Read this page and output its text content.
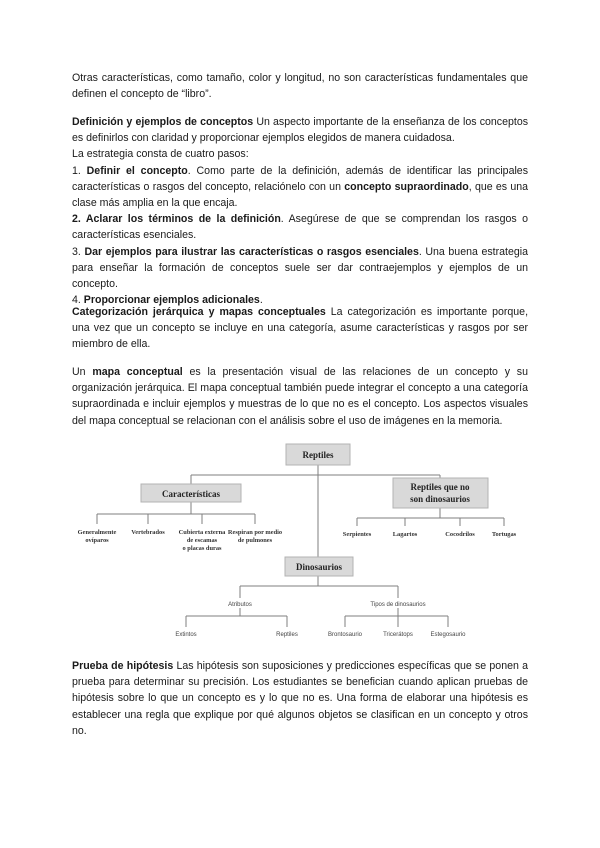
Otras características, como tamaño, color y longitud, no son características fundamentales que definen el concepto de “libro”.

Definición y ejemplos de conceptos Un aspecto importante de la enseñanza de los conceptos es definirlos con claridad y proporcionar ejemplos elegidos de manera cuidadosa.
La estrategia consta de cuatro pasos:
1. Definir el concepto. Como parte de la definición, además de identificar las principales características o rasgos del concepto, relaciónelo con un concepto supraordinado, que es una clase más amplia en la que encaja.
2. Aclarar los términos de la definición. Asegúrese de que se comprendan los rasgos o características esenciales.
3. Dar ejemplos para ilustrar las características o rasgos esenciales. Una buena estrategia para enseñar la formación de conceptos suele ser dar contraejemplos y ejemplos de un concepto.
4. Proporcionar ejemplos adicionales.

Categorización jerárquica y mapas conceptuales La categorización es importante porque, una vez que un concepto se incluye en una categoría, asume características y rasgos por ser miembro de ella.

Un mapa conceptual es la presentación visual de las relaciones de un concepto y su organización jerárquica. El mapa conceptual también puede integrar el concepto a una categoría supraordinada e incluir ejemplos y muestras de lo que no es el concepto. Los aspectos visuales del mapa conceptual se relacionan con el análisis sobre el uso de imágenes en la memoria.

Reptiles
Características
Reptiles que no
son dinosaurios
Dinosaurios
Generalmente
ovíparos
Vertebrados Cubierta externa
de escamas
o placas duras
Respiran por medio
de pulmones
Serpientes	Lagartos	Cocodrilos	Tortugas
Atributos	Tipos de dinosaurios
Extintos	Reptiles	Brontosaurio	Tricerátops	Estegosaurio

Prueba de hipótesis Las hipótesis son suposiciones y predicciones específicas que se ponen a prueba para determinar su precisión. Los estudiantes se benefician cuando aplican pruebas de hipótesis sobre lo que un concepto es y lo que no es. Una forma de elaborar una hipótesis es establecer una regla que explique por qué algunos objetos se clasifican en un concepto y otros no.
